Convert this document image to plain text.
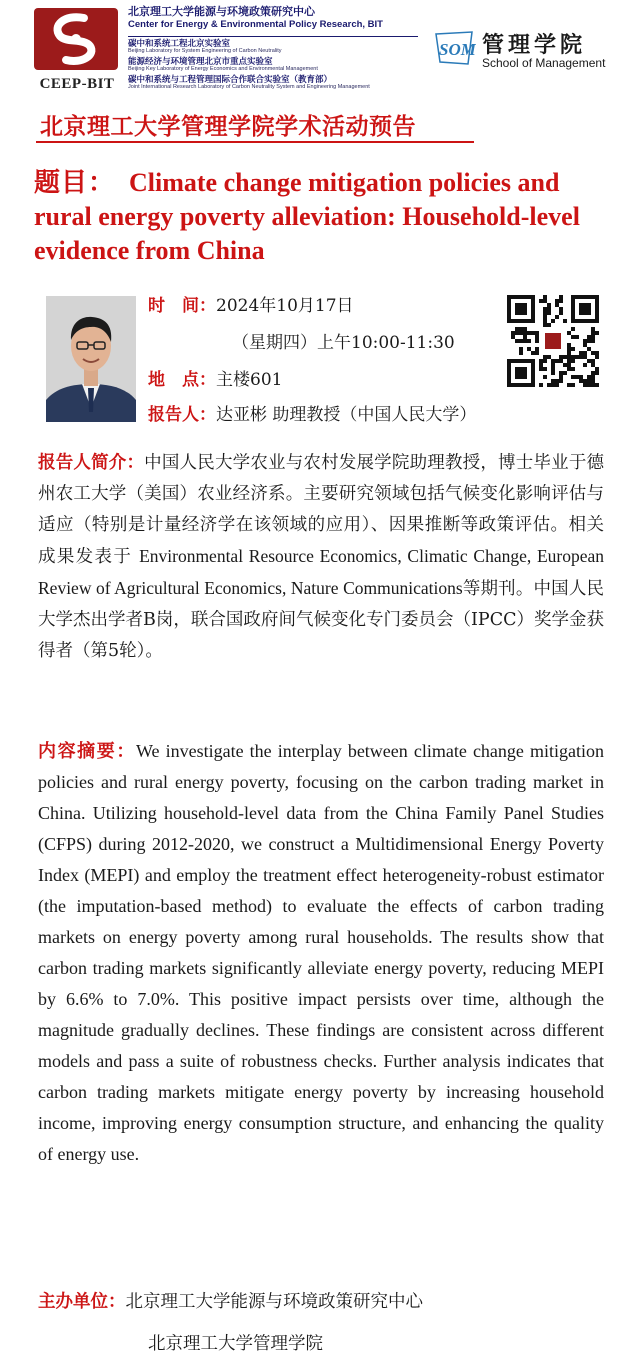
CEEP-BIT
北京理工大学能源与环境政策研究中心
Center for Energy & Environmental Policy Research, BIT
碳中和系统工程北京实验室
Beijing Laboratory for System Engineering of Carbon Neutrality
能源经济与环境管理北京市重点实验室
Beijing Key Laboratory of Energy Economics and Environmental Management
碳中和系统与工程管理国际合作联合实验室（教育部）
Joint International Research Laboratory of Carbon Neutrality System and Engineering Management
SOM 管理学院
School of Management
北京理工大学管理学院学术活动预告
题目： Climate change mitigation policies and rural energy poverty alleviation: Household-level evidence from China
时　间：2024年10月17日
（星期四）上午10:00-11:30
地　点：主楼601
报告人：达亚彬 助理教授（中国人民大学）
报告人简介：中国人民大学农业与农村发展学院助理教授，博士毕业于德州农工大学（美国）农业经济系。主要研究领域包括气候变化影响评估与适应（特别是计量经济学在该领域的应用）、因果推断等政策评估。相关成果发表于 Environmental Resource Economics, Climatic Change, European Review of Agricultural Economics, Nature Communications等期刊。中国人民大学杰出学者B岗，联合国政府间气候变化专门委员会（IPCC）奖学金获得者（第5轮）。
内容摘要：We investigate the interplay between climate change mitigation policies and rural energy poverty, focusing on the carbon trading market in China. Utilizing household-level data from the China Family Panel Studies (CFPS) during 2012-2020, we construct a Multidimensional Energy Poverty Index (MEPI) and employ the treatment effect heterogeneity-robust estimator (the imputation-based method) to evaluate the effects of carbon trading markets on energy poverty among rural households. The results show that carbon trading markets significantly alleviate energy poverty, reducing MEPI by 6.6% to 7.0%. This positive impact persists over time, although the magnitude gradually declines. These findings are consistent across different models and pass a suite of robustness checks. Further analysis indicates that carbon trading markets mitigate energy poverty by increasing household income, improving energy consumption structure, and enhancing the quality of energy use.
主办单位：北京理工大学能源与环境政策研究中心
北京理工大学管理学院
